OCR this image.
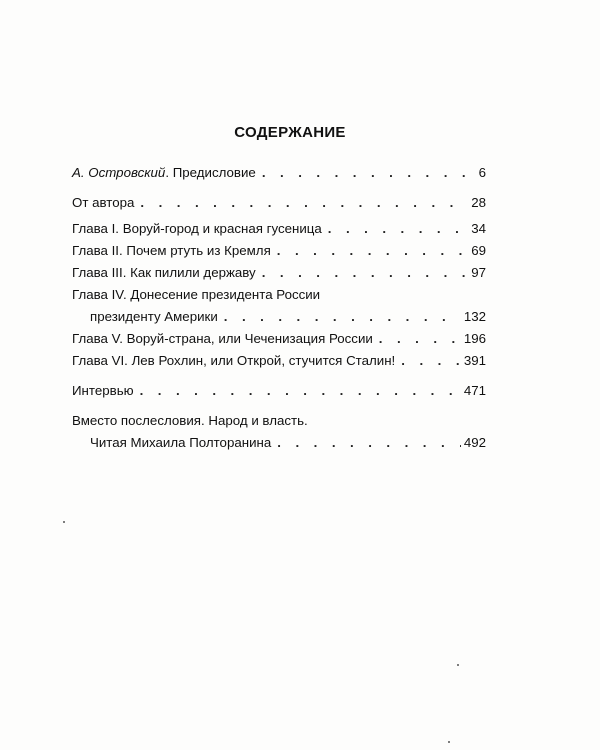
СОДЕРЖАНИЕ
А. Островский. Предисловие . . .	6
От автора . . .	28
Глава I. Воруй-город и красная гусеница . . .	34
Глава II. Почем ртуть из Кремля . . .	69
Глава III. Как пилили державу . . .	97
Глава IV. Донесение президента России
президенту Америки . . .	132
Глава V. Воруй-страна, или Чеченизация России . . .	196
Глава VI. Лев Рохлин, или Открой, стучится Сталин! . . .	391
Интервью . . .	471
Вместо послесловия. Народ и власть.
Читая Михаила Полторанина . . .	492
